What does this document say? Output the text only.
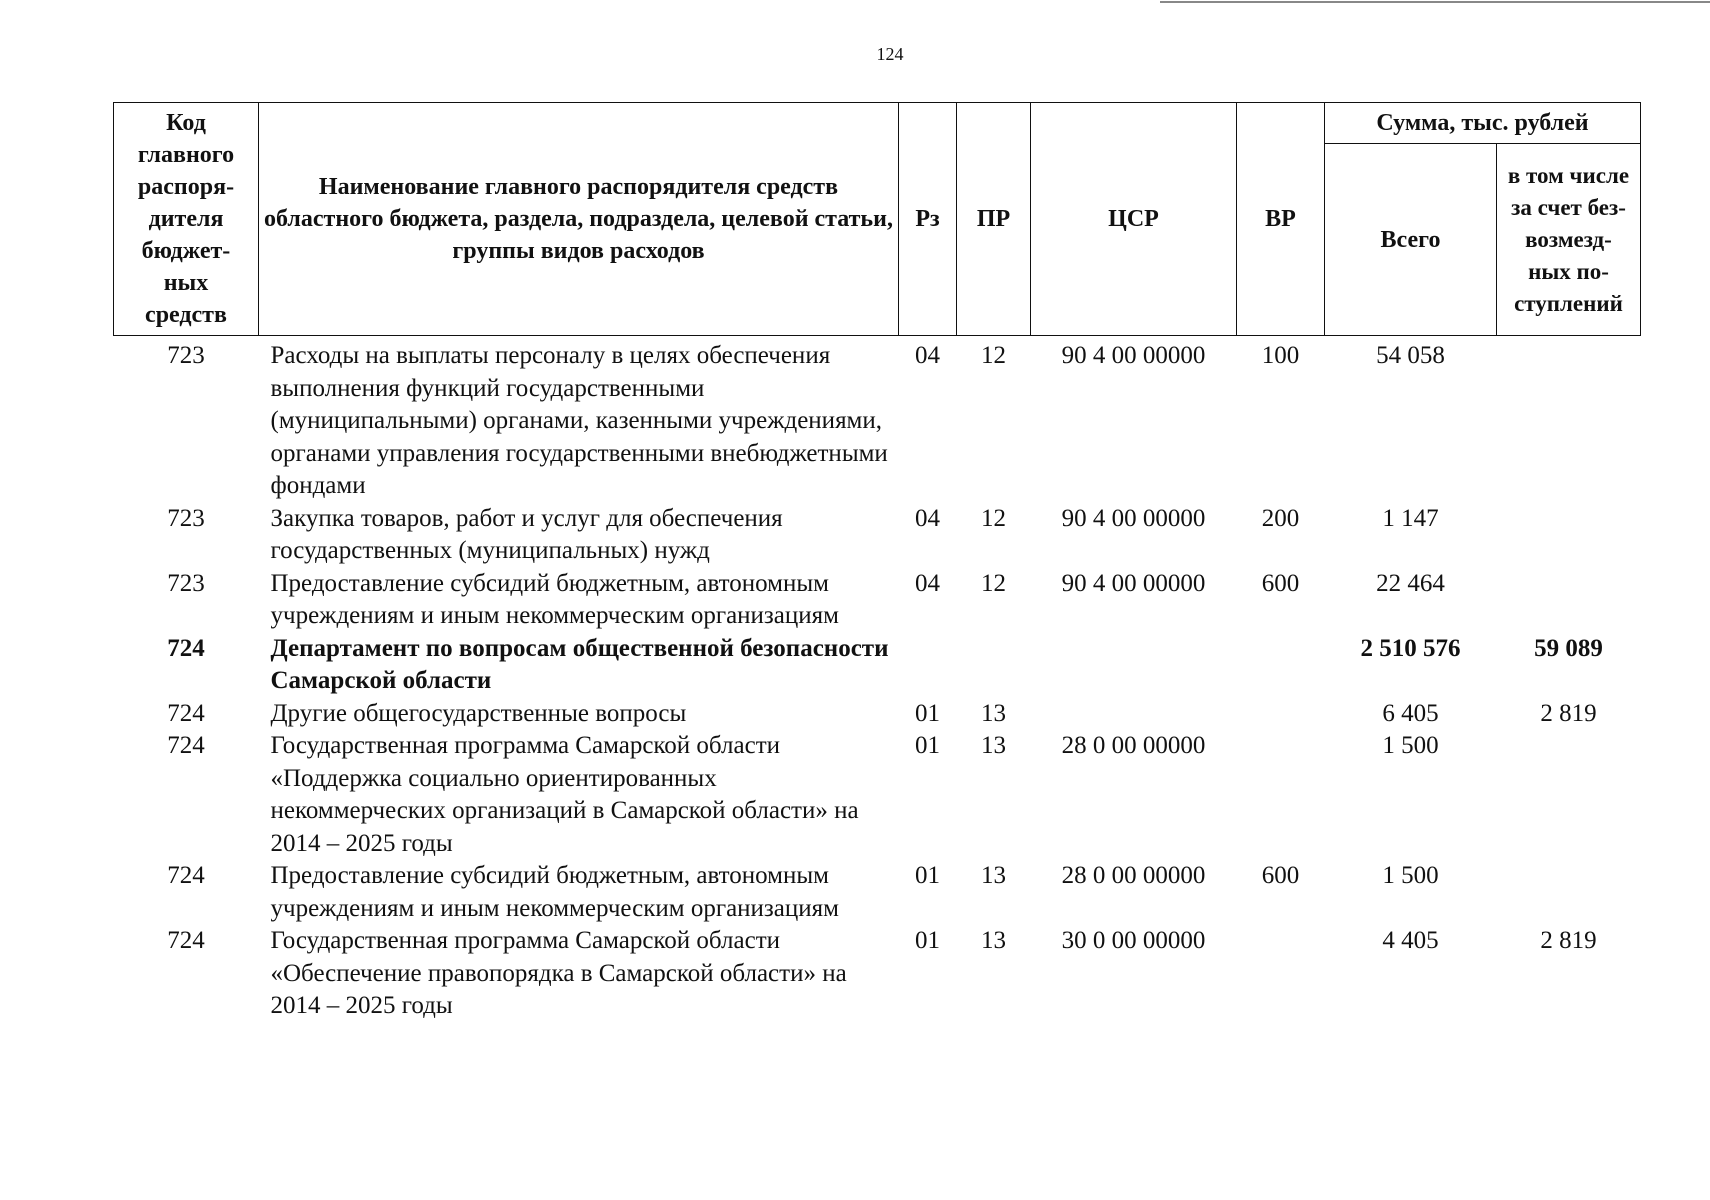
124
Код главного распоря-дителя бюджет-ных средств	Наименование главного распорядителя средств областного бюджета, раздела, подраздела, целевой статьи, группы видов расходов	Рз	ПР	ЦСР	ВР	Сумма, тыс. рублей	
						Всего	в том числе за счет без-возмезд-ных по-ступлений

723	Расходы на выплаты персоналу в целях обеспечения выполнения функций государственными (муниципальными) органами, казенными учреждениями, органами управления государственными внебюджетными фондами	04	12	90 4 00 00000	100	54 058	
723	Закупка товаров, работ и услуг для обеспечения государственных (муниципальных) нужд	04	12	90 4 00 00000	200	1 147	
723	Предоставление субсидий бюджетным, автономным учреждениям и иным некоммерческим организациям	04	12	90 4 00 00000	600	22 464	
724	Департамент по вопросам общественной безопасности Самарской области					2 510 576	59 089
724	Другие общегосударственные вопросы	01	13			6 405	2 819
724	Государственная программа Самарской области «Поддержка социально ориентированных некоммерческих организаций в Самарской области» на 2014 – 2025 годы	01	13	28 0 00 00000		1 500	
724	Предоставление субсидий бюджетным, автономным учреждениям и иным некоммерческим организациям	01	13	28 0 00 00000	600	1 500	
724	Государственная программа Самарской области «Обеспечение правопорядка в Самарской области» на 2014 – 2025 годы	01	13	30 0 00 00000		4 405	2 819
